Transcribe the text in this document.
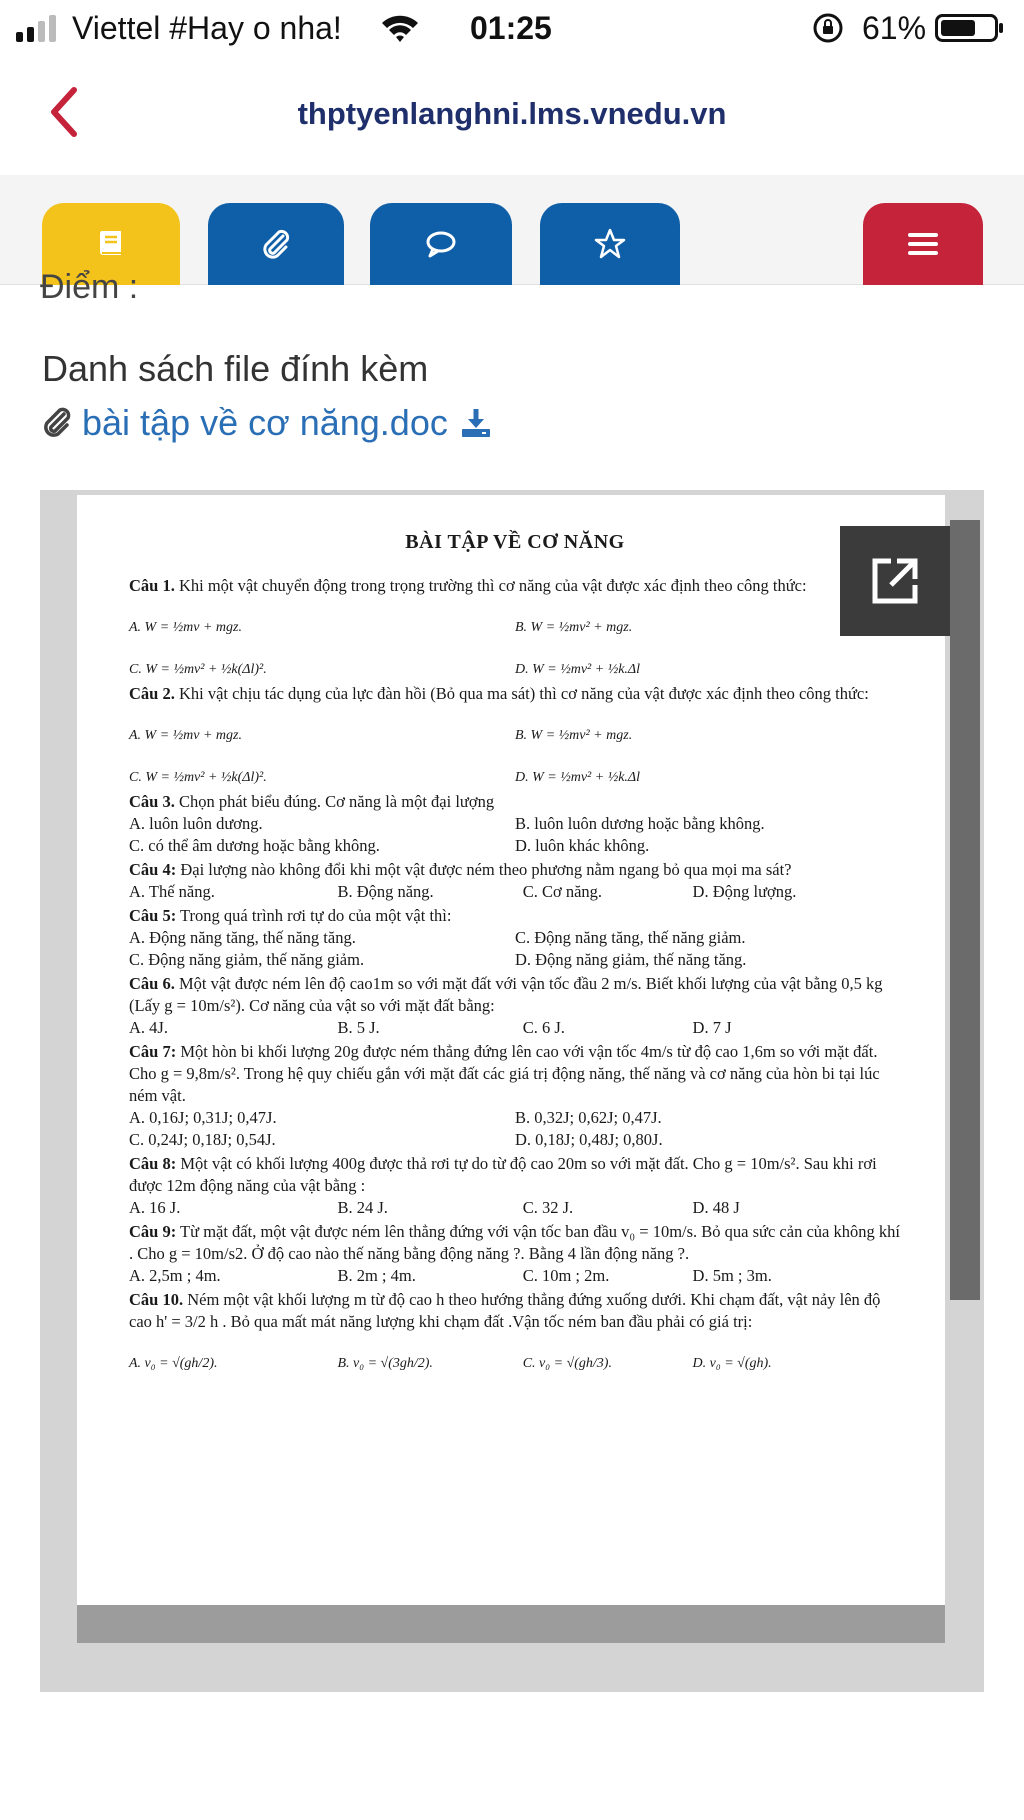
Viettel #Hay o nha!	01:25	61%
thptyenlanghni.lms.vnedu.vn
Điểm :
Danh sách file đính kèm
bài tập về cơ năng.doc
BÀI TẬP VỀ CƠ NĂNG
Câu 1. Khi một vật chuyển động trong trọng trường thì cơ năng của vật được xác định theo công thức:
A. W = ½mv + mgz.	B. W = ½mv² + mgz.
C. W = ½mv² + ½k(Δl)².	D. W = ½mv² + ½k.Δl
Câu 2. Khi vật chịu tác dụng của lực đàn hồi (Bỏ qua ma sát) thì cơ năng của vật được xác định theo công thức:
A. W = ½mv + mgz.	B. W = ½mv² + mgz.
C. W = ½mv² + ½k(Δl)².	D. W = ½mv² + ½k.Δl
Câu 3. Chọn phát biểu đúng. Cơ năng là một đại lượng
A. luôn luôn dương.	B. luôn luôn dương hoặc bằng không.
C. có thể âm dương hoặc bằng không.	D. luôn khác không.
Câu 4: Đại lượng nào không đổi khi một vật được ném theo phương nằm ngang bỏ qua mọi ma sát?
A. Thế năng.	B. Động năng.	C. Cơ năng.	D. Động lượng.
Câu 5: Trong quá trình rơi tự do của một vật thì:
A. Động năng tăng, thế năng tăng.	C. Động năng tăng, thế năng giảm.
C. Động năng giảm, thế năng giảm.	D. Động năng giảm, thế năng tăng.
Câu 6. Một vật được ném lên độ cao1m so với mặt đất với vận tốc đầu 2 m/s. Biết khối lượng của vật bằng 0,5 kg (Lấy g = 10m/s²). Cơ năng của vật so với mặt đất bằng:
A. 4J.	B. 5 J.	C. 6 J.	D. 7 J
Câu 7: Một hòn bi khối lượng 20g được ném thẳng đứng lên cao với vận tốc 4m/s từ độ cao 1,6m so với mặt đất. Cho g = 9,8m/s². Trong hệ quy chiếu gắn với mặt đất các giá trị động năng, thế năng và cơ năng của hòn bi tại lúc ném vật.
A. 0,16J; 0,31J; 0,47J.	B. 0,32J; 0,62J; 0,47J.
C. 0,24J; 0,18J; 0,54J.	D. 0,18J; 0,48J; 0,80J.
Câu 8: Một vật có khối lượng 400g được thả rơi tự do từ độ cao 20m so với mặt đất. Cho g = 10m/s². Sau khi rơi được 12m động năng của vật bằng :
A. 16 J.	B. 24 J.	C. 32 J.	D. 48 J
Câu 9: Từ mặt đất, một vật được ném lên thẳng đứng với vận tốc ban đầu v₀ = 10m/s. Bỏ qua sức cản của không khí . Cho g = 10m/s2. Ở độ cao nào thế năng bằng động năng ?. Bằng 4 lần động năng ?.
A. 2,5m ; 4m.	B. 2m ; 4m.	C. 10m ; 2m.	D. 5m ; 3m.
Câu 10. Ném một vật khối lượng m từ độ cao h theo hướng thẳng đứng xuống dưới. Khi chạm đất, vật nảy lên độ cao h' = 3/2 h . Bỏ qua mất mát năng lượng khi chạm đất .Vận tốc ném ban đầu phải có giá trị:
A. v₀ = √(gh/2).	B. v₀ = √(3gh/2).	C. v₀ = √(gh/3).	D. v₀ = √(gh).
